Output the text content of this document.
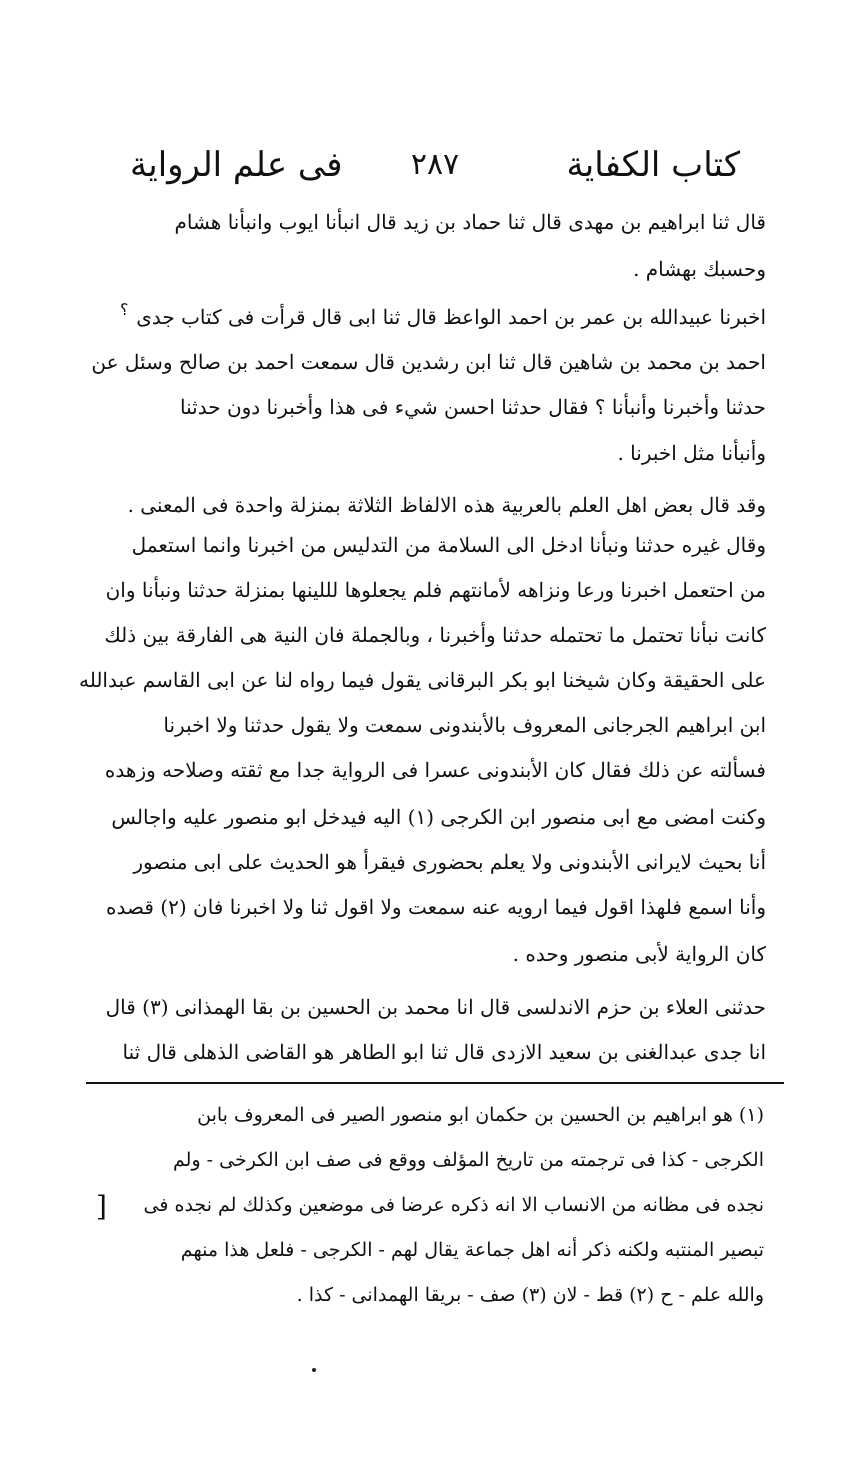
كتاب الكفاية
٢٨٧
فى علم الرواية
؟
قال ثنا ابراهيم بن مهدى قال ثنا حماد بن زيد قال انبأنا ايوب وانبأنا هشام
وحسبك بهشام .
اخبرنا عبيدالله بن عمر بن احمد الواعظ قال ثنا ابى قال قرأت فى كتاب جدى
احمد بن محمد بن شاهين قال ثنا ابن رشدين قال سمعت احمد بن صالح وسئل عن
حدثنا وأخبرنا وأنبأنا ؟ فقال حدثنا احسن شيء فى هذا وأخبرنا دون حدثنا
وأنبأنا مثل اخبرنا .
وقد قال بعض اهل العلم بالعربية هذه الالفاظ الثلاثة بمنزلة واحدة فى المعنى .
وقال غيره حدثنا ونبأنا ادخل الى السلامة من التدليس من اخبرنا وانما استعمل
من احتعمل اخبرنا ورعا ونزاهه لأمانتهم فلم يجعلوها لللينها بمنزلة حدثنا ونبأنا وان
كانت نبأنا تحتمل ما تحتمله حدثنا وأخبرنا ، وبالجملة فان النية هى الفارقة بين ذلك
على الحقيقة وكان شيخنا ابو بكر البرقانى يقول فيما رواه لنا عن ابى القاسم عبدالله
ابن ابراهيم الجرجانى المعروف بالأبندونى سمعت ولا يقول حدثنا ولا اخبرنا
فسألته عن ذلك فقال كان الأبندونى عسرا فى الرواية جدا مع ثقته وصلاحه وزهده
وكنت امضى مع ابى منصور ابن الكرجى (١) اليه فيدخل ابو منصور عليه واجالس
أنا بحيث لايرانى الأبندونى ولا يعلم بحضورى فيقرأ هو الحديث على ابى منصور
وأنا اسمع فلهذا اقول فيما ارويه عنه سمعت ولا اقول ثنا ولا اخبرنا فان (٢) قصده
كان الرواية لأبى منصور وحده .
حدثنى العلاء بن حزم الاندلسى قال انا محمد بن الحسين بن بقا الهمذانى (٣) قال
انا جدى عبدالغنى بن سعيد الازدى قال ثنا ابو الطاهر هو القاضى الذهلى قال ثنا
(١) هو ابراهيم بن الحسين بن حكمان ابو منصور الصير فى المعروف بابن
الكرجى - كذا فى ترجمته من تاريخ المؤلف ووقع فى صف ابن الكرخى - ولم
نجده فى مظانه من الانساب الا انه ذكره عرضا فى موضعين وكذلك لم نجده فى
تبصير المنتبه ولكنه ذكر أنه اهل جماعة يقال لهم - الكرجى - فلعل هذا منهم
والله علم - ح (٢) قط - لان (٣) صف - بريقا الهمدانى - كذا .
]
